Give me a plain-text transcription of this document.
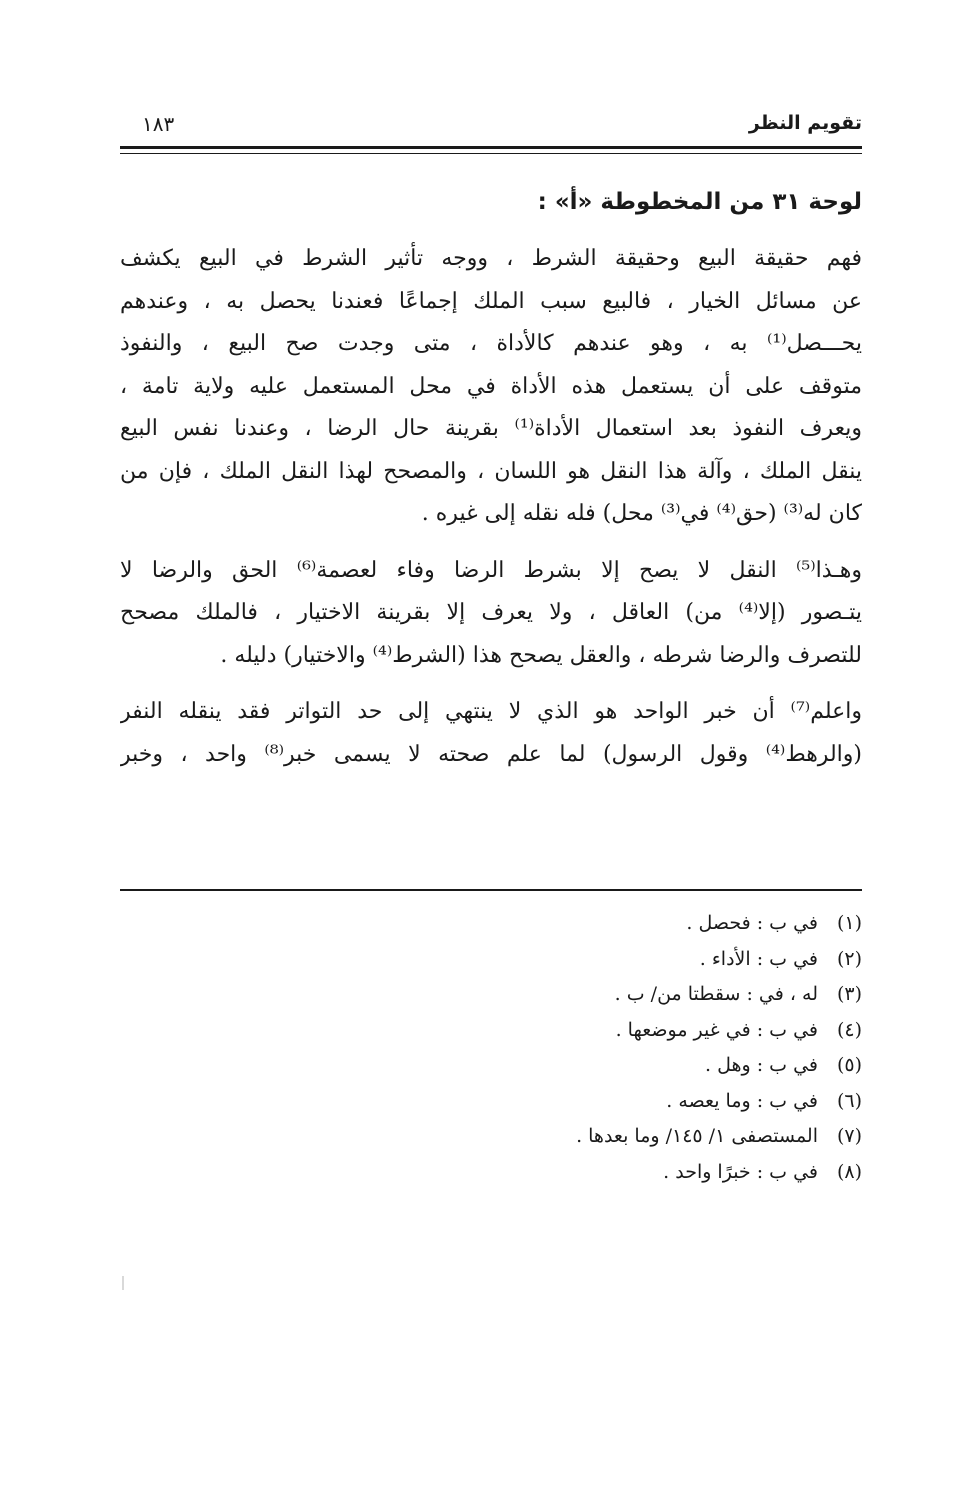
تقويم النظر
١٨٣
لوحة ٣١ من المخطوطة «أ» :

فهم حقيقة البيع وحقيقة الشرط ، ووجه تأثير الشرط في البيع يكشف
عن مسائل الخيار ، فالبيع سبب الملك إجماعًا فعندنا يحصل به ، وعندهم
يحـــصل⁽¹⁾ به ، وهو عندهم كالأداة ، متى وجدت صح البيع ، والنفوذ
متوقف على أن يستعمل هذه الأداة في محل المستعمل عليه ولاية تامة ،
ويعرف النفوذ بعد استعمال الأداة⁽¹⁾ بقرينة حال الرضا ، وعندنا نفس البيع
ينقل الملك ، وآلة هذا النقل هو اللسان ، والمصحح لهذا النقل الملك ، فإن من
كان له⁽³⁾ (حق⁽⁴⁾ في⁽³⁾ محل) فله نقله إلى غيره .

وهـذا⁽⁵⁾ النقل لا يصح إلا بشرط الرضا وفاء لعصمة⁽⁶⁾ الحق والرضا لا
يتـصور (إلا⁽⁴⁾ من) العاقل ، ولا يعرف إلا بقرينة الاختيار ، فالملك مصحح
للتصرف والرضا شرطه ، والعقل يصحح هذا (الشرط⁽⁴⁾ والاختيار) دليله .

واعلم⁽⁷⁾ أن خبر الواحد هو الذي لا ينتهي إلى حد التواتر فقد ينقله النفر
(والرهط⁽⁴⁾ وقول الرسول) لما علم صحته لا يسمى خبر⁽⁸⁾ واحد ، وخبر

(١)في ب : فحصل .
(٢)في ب : الأداء .
(٣)له ، في : سقطتا من/ ب .
(٤)في ب : في غير موضعها .
(٥)في ب : وهل .
(٦)في ب : وما يعصه .
(٧)المستصفى ١/ ١٤٥/ وما بعدها .
(٨)في ب : خبرًا واحد .
